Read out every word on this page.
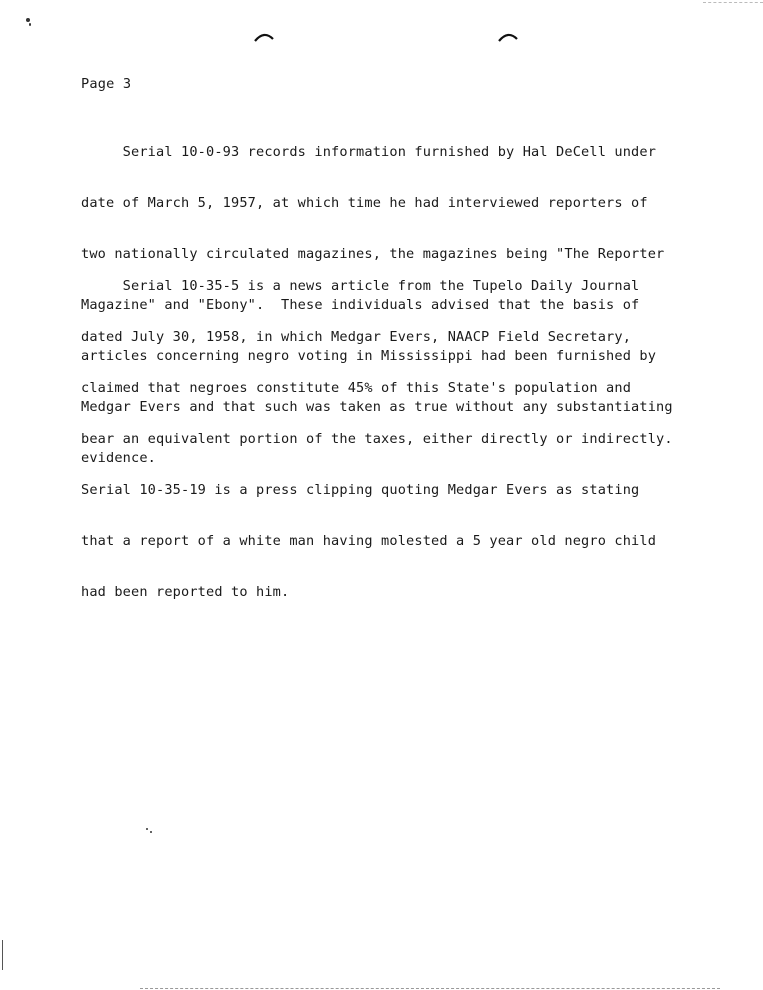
Page 3

Serial 10-0-93 records information furnished by Hal DeCell under

date of March 5, 1957, at which time he had interviewed reporters of

two nationally circulated magazines, the magazines being "The Reporter

Magazine" and "Ebony".  These individuals advised that the basis of

articles concerning negro voting in Mississippi had been furnished by

Medgar Evers and that such was taken as true without any substantiating

evidence.

Serial 10-35-5 is a news article from the Tupelo Daily Journal

dated July 30, 1958, in which Medgar Evers, NAACP Field Secretary,

claimed that negroes constitute 45% of this State's population and

bear an equivalent portion of the taxes, either directly or indirectly.

Serial 10-35-19 is a press clipping quoting Medgar Evers as stating

that a report of a white man having molested a 5 year old negro child

had been reported to him.
